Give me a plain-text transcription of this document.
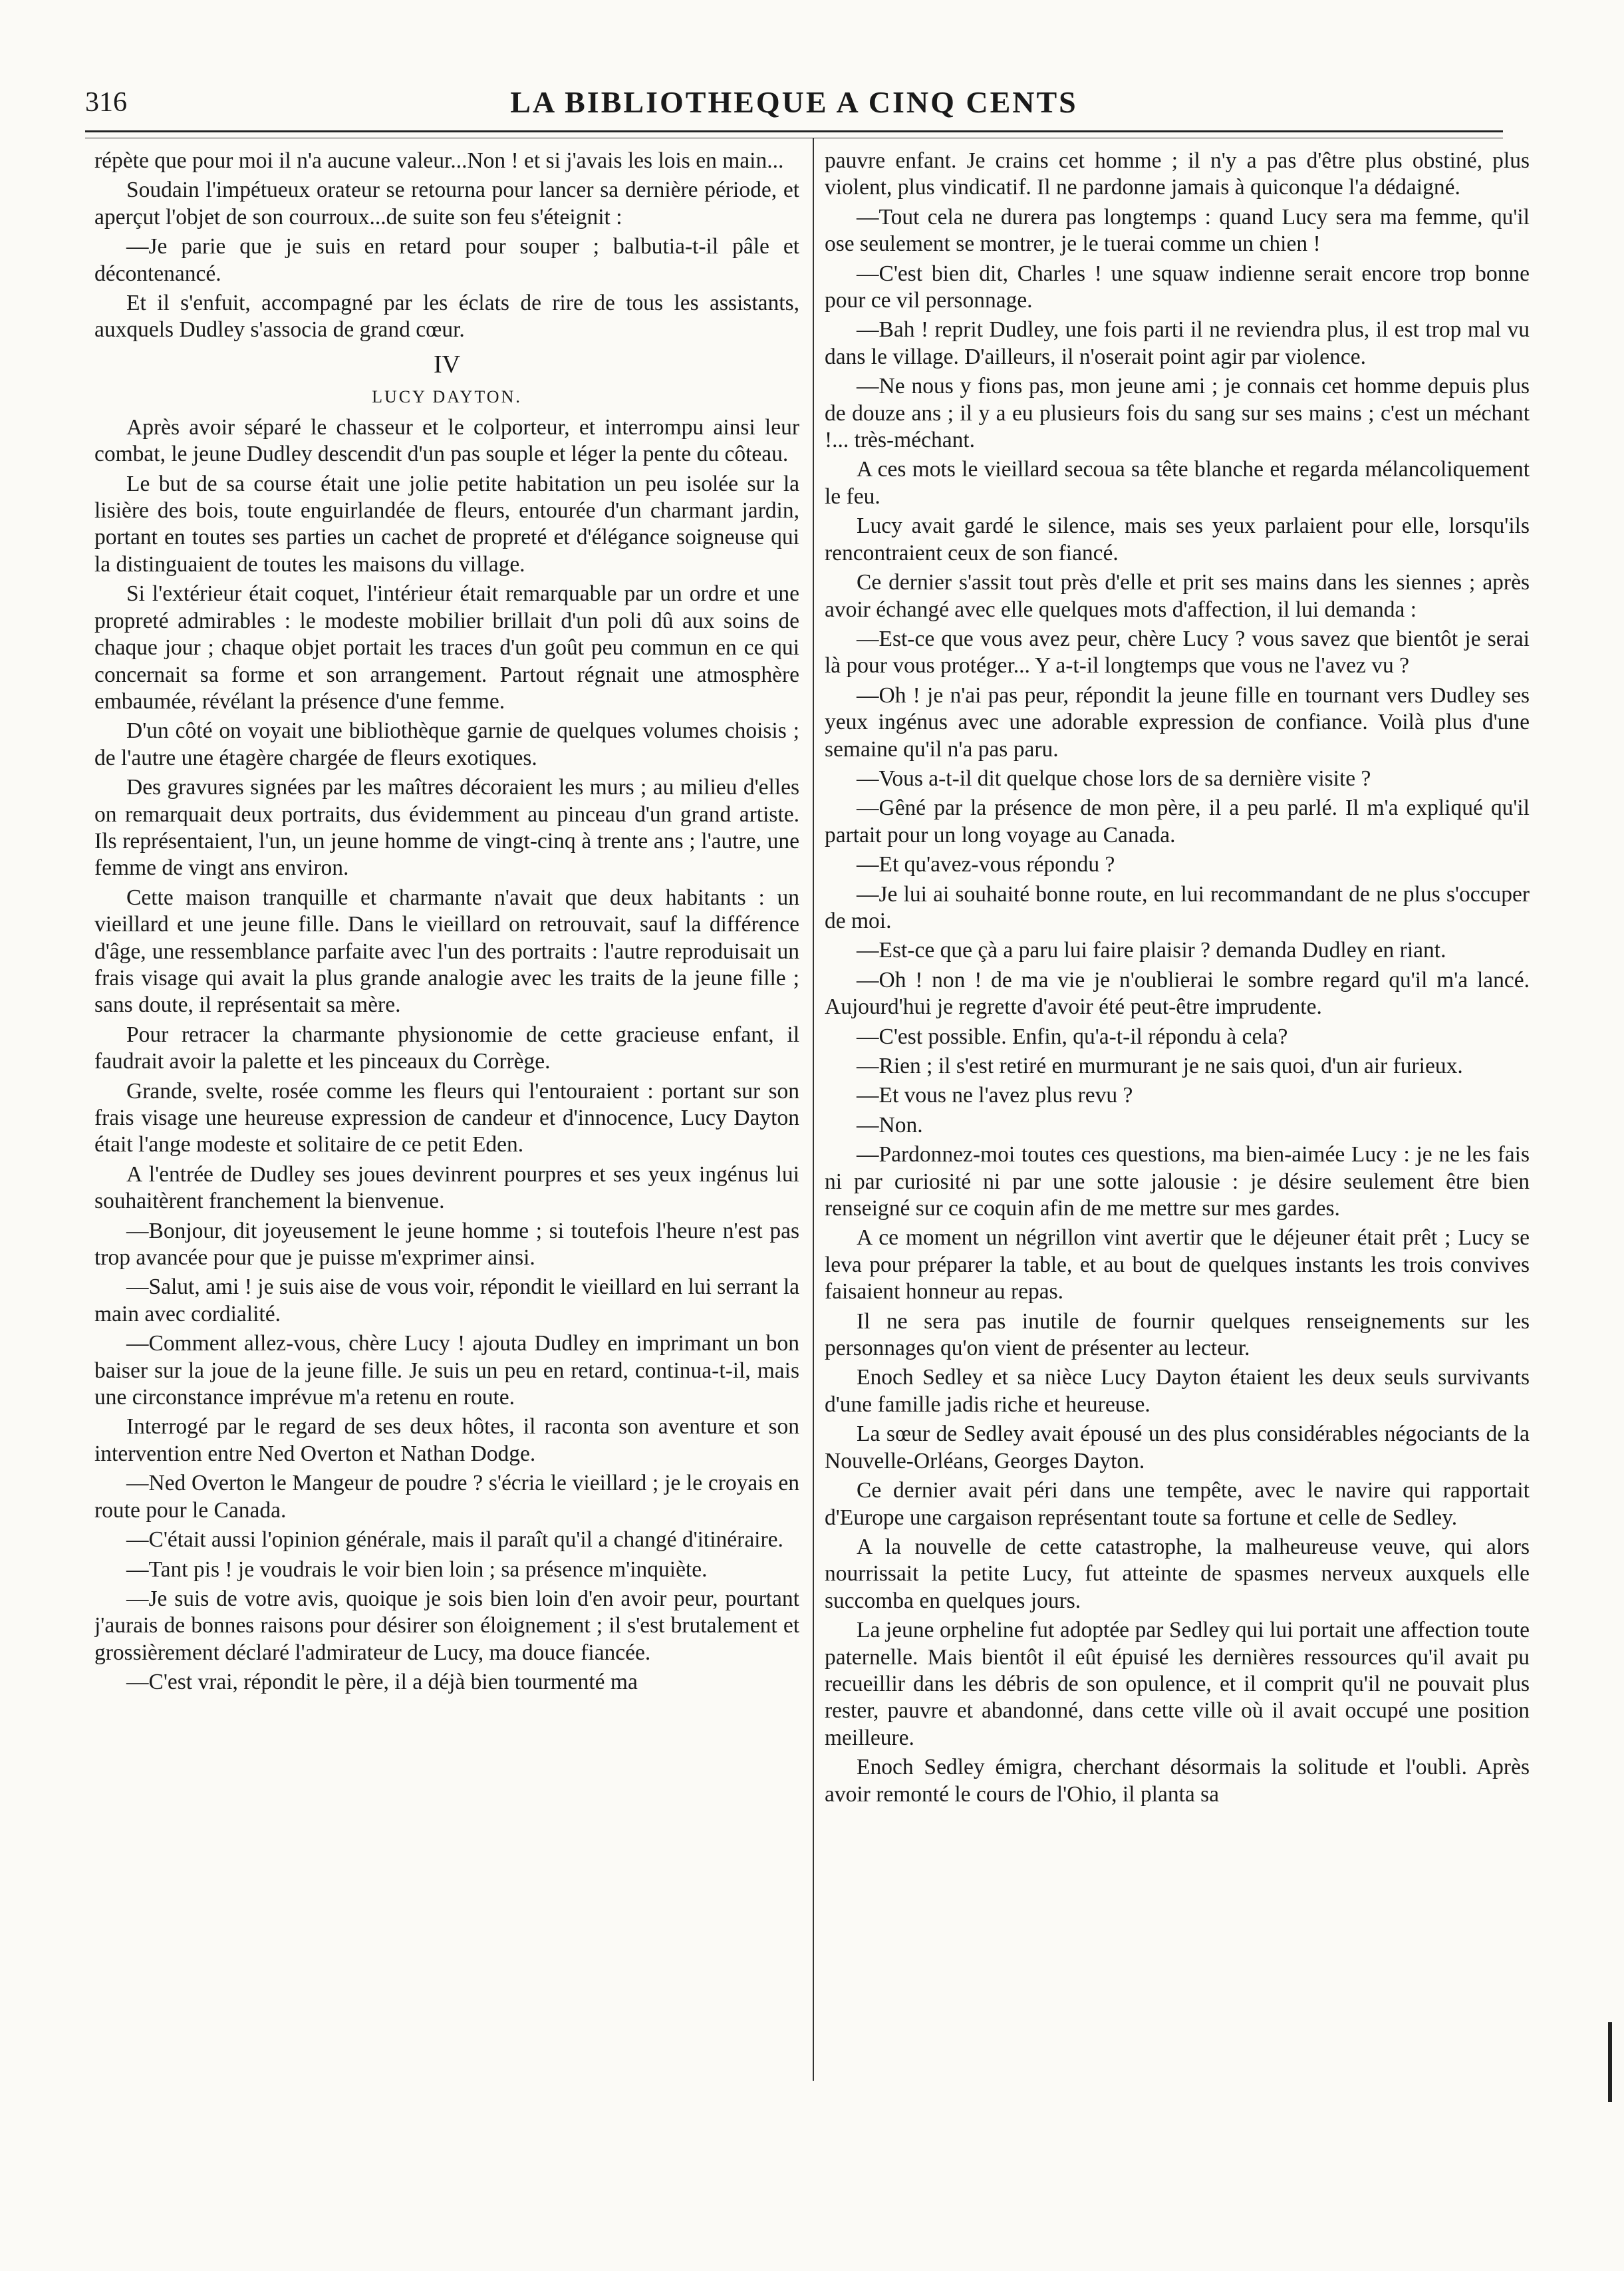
316	LA BIBLIOTHEQUE A CINQ CENTS

répète que pour moi il n'a aucune valeur...Non ! et si j'avais les lois en main...

Soudain l'impétueux orateur se retourna pour lancer sa dernière période, et aperçut l'objet de son courroux...de suite son feu s'éteignit :

—Je parie que je suis en retard pour souper ; balbutia-t-il pâle et décontenancé.

Et il s'enfuit, accompagné par les éclats de rire de tous les assistants, auxquels Dudley s'associa de grand cœur.

IV
LUCY DAYTON.

Après avoir séparé le chasseur et le colporteur, et interrompu ainsi leur combat, le jeune Dudley descendit d'un pas souple et léger la pente du côteau.

Le but de sa course était une jolie petite habitation un peu isolée sur la lisière des bois, toute enguirlandée de fleurs, entourée d'un charmant jardin, portant en toutes ses parties un cachet de propreté et d'élégance soigneuse qui la distinguaient de toutes les maisons du village.

Si l'extérieur était coquet, l'intérieur était remarquable par un ordre et une propreté admirables : le modeste mobilier brillait d'un poli dû aux soins de chaque jour ; chaque objet portait les traces d'un goût peu commun en ce qui concernait sa forme et son arrangement. Partout régnait une atmosphère embaumée, révélant la présence d'une femme.

D'un côté on voyait une bibliothèque garnie de quelques volumes choisis ; de l'autre une étagère chargée de fleurs exotiques.

Des gravures signées par les maîtres décoraient les murs ; au milieu d'elles on remarquait deux portraits, dus évidemment au pinceau d'un grand artiste. Ils représentaient, l'un, un jeune homme de vingt-cinq à trente ans ; l'autre, une femme de vingt ans environ.

Cette maison tranquille et charmante n'avait que deux habitants : un vieillard et une jeune fille. Dans le vieillard on retrouvait, sauf la différence d'âge, une ressemblance parfaite avec l'un des portraits : l'autre reproduisait un frais visage qui avait la plus grande analogie avec les traits de la jeune fille ; sans doute, il représentait sa mère.

Pour retracer la charmante physionomie de cette gracieuse enfant, il faudrait avoir la palette et les pinceaux du Corrège.

Grande, svelte, rosée comme les fleurs qui l'entouraient : portant sur son frais visage une heureuse expression de candeur et d'innocence, Lucy Dayton était l'ange modeste et solitaire de ce petit Eden.

A l'entrée de Dudley ses joues devinrent pourpres et ses yeux ingénus lui souhaitèrent franchement la bienvenue.

—Bonjour, dit joyeusement le jeune homme ; si toutefois l'heure n'est pas trop avancée pour que je puisse m'exprimer ainsi.

—Salut, ami ! je suis aise de vous voir, répondit le vieillard en lui serrant la main avec cordialité.

—Comment allez-vous, chère Lucy ! ajouta Dudley en imprimant un bon baiser sur la joue de la jeune fille. Je suis un peu en retard, continua-t-il, mais une circonstance imprévue m'a retenu en route.

Interrogé par le regard de ses deux hôtes, il raconta son aventure et son intervention entre Ned Overton et Nathan Dodge.

—Ned Overton le Mangeur de poudre ? s'écria le vieillard ; je le croyais en route pour le Canada.

—C'était aussi l'opinion générale, mais il paraît qu'il a changé d'itinéraire.

—Tant pis ! je voudrais le voir bien loin ; sa présence m'inquiète.

—Je suis de votre avis, quoique je sois bien loin d'en avoir peur, pourtant j'aurais de bonnes raisons pour désirer son éloignement ; il s'est brutalement et grossièrement déclaré l'admirateur de Lucy, ma douce fiancée.

—C'est vrai, répondit le père, il a déjà bien tourmenté ma

pauvre enfant. Je crains cet homme ; il n'y a pas d'être plus obstiné, plus violent, plus vindicatif. Il ne pardonne jamais à quiconque l'a dédaigné.

—Tout cela ne durera pas longtemps : quand Lucy sera ma femme, qu'il ose seulement se montrer, je le tuerai comme un chien !

—C'est bien dit, Charles ! une squaw indienne serait encore trop bonne pour ce vil personnage.

—Bah ! reprit Dudley, une fois parti il ne reviendra plus, il est trop mal vu dans le village. D'ailleurs, il n'oserait point agir par violence.

—Ne nous y fions pas, mon jeune ami ; je connais cet homme depuis plus de douze ans ; il y a eu plusieurs fois du sang sur ses mains ; c'est un méchant !... très-méchant.

A ces mots le vieillard secoua sa tête blanche et regarda mélancoliquement le feu.

Lucy avait gardé le silence, mais ses yeux parlaient pour elle, lorsqu'ils rencontraient ceux de son fiancé.

Ce dernier s'assit tout près d'elle et prit ses mains dans les siennes ; après avoir échangé avec elle quelques mots d'affection, il lui demanda :

—Est-ce que vous avez peur, chère Lucy ? vous savez que bientôt je serai là pour vous protéger... Y a-t-il longtemps que vous ne l'avez vu ?

—Oh ! je n'ai pas peur, répondit la jeune fille en tournant vers Dudley ses yeux ingénus avec une adorable expression de confiance. Voilà plus d'une semaine qu'il n'a pas paru.

—Vous a-t-il dit quelque chose lors de sa dernière visite ?

—Gêné par la présence de mon père, il a peu parlé. Il m'a expliqué qu'il partait pour un long voyage au Canada.

—Et qu'avez-vous répondu ?

—Je lui ai souhaité bonne route, en lui recommandant de ne plus s'occuper de moi.

—Est-ce que çà a paru lui faire plaisir ? demanda Dudley en riant.

—Oh ! non ! de ma vie je n'oublierai le sombre regard qu'il m'a lancé. Aujourd'hui je regrette d'avoir été peut-être imprudente.

—C'est possible. Enfin, qu'a-t-il répondu à cela?

—Rien ; il s'est retiré en murmurant je ne sais quoi, d'un air furieux.

—Et vous ne l'avez plus revu ?

—Non.

—Pardonnez-moi toutes ces questions, ma bien-aimée Lucy : je ne les fais ni par curiosité ni par une sotte jalousie : je désire seulement être bien renseigné sur ce coquin afin de me mettre sur mes gardes.

A ce moment un négrillon vint avertir que le déjeuner était prêt ; Lucy se leva pour préparer la table, et au bout de quelques instants les trois convives faisaient honneur au repas.

Il ne sera pas inutile de fournir quelques renseignements sur les personnages qu'on vient de présenter au lecteur.

Enoch Sedley et sa nièce Lucy Dayton étaient les deux seuls survivants d'une famille jadis riche et heureuse.

La sœur de Sedley avait épousé un des plus considérables négociants de la Nouvelle-Orléans, Georges Dayton.

Ce dernier avait péri dans une tempête, avec le navire qui rapportait d'Europe une cargaison représentant toute sa fortune et celle de Sedley.

A la nouvelle de cette catastrophe, la malheureuse veuve, qui alors nourrissait la petite Lucy, fut atteinte de spasmes nerveux auxquels elle succomba en quelques jours.

La jeune orpheline fut adoptée par Sedley qui lui portait une affection toute paternelle. Mais bientôt il eût épuisé les dernières ressources qu'il avait pu recueillir dans les débris de son opulence, et il comprit qu'il ne pouvait plus rester, pauvre et abandonné, dans cette ville où il avait occupé une position meilleure.

Enoch Sedley émigra, cherchant désormais la solitude et l'oubli. Après avoir remonté le cours de l'Ohio, il planta sa
